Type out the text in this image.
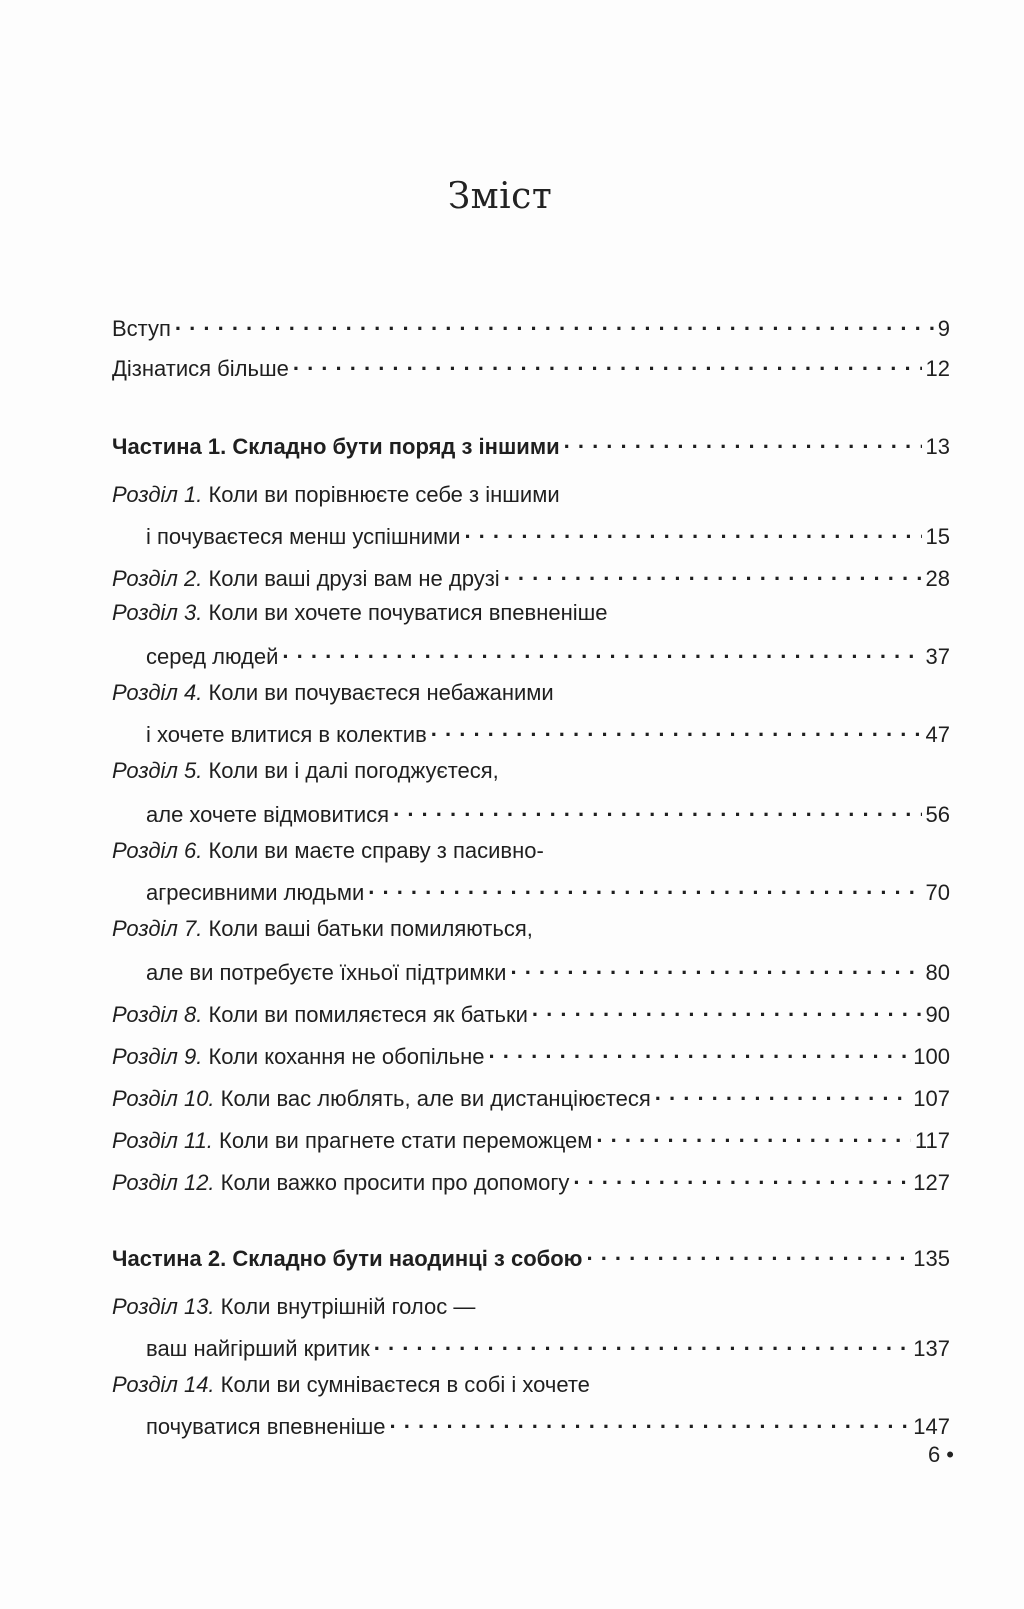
Зміст
Вступ . . .	9
Дізнатися більше . . .	12
Частина 1. Складно бути поряд з іншими . . .	13
Розділ 1. Коли ви порівнюєте себе з іншими
і почуваєтеся менш успішними . . .	15
Розділ 2. Коли ваші друзі вам не друзі . . .	28
Розділ 3. Коли ви хочете почуватися впевненіше
серед людей . . .	37
Розділ 4. Коли ви почуваєтеся небажаними
і хочете влитися в колектив . . .	47
Розділ 5. Коли ви і далі погоджуєтеся,
але хочете відмовитися . . .	56
Розділ 6. Коли ви маєте справу з пасивно-
агресивними людьми . . .	70
Розділ 7. Коли ваші батьки помиляються,
але ви потребуєте їхньої підтримки . . .	80
Розділ 8. Коли ви помиляєтеся як батьки . . .	90
Розділ 9. Коли кохання не обопільне . . .	100
Розділ 10. Коли вас люблять, але ви дистанціюєтеся . . .	107
Розділ 11. Коли ви прагнете стати переможцем . . .	117
Розділ 12. Коли важко просити про допомогу . . .	127
Частина 2. Складно бути наодинці з собою . . .	135
Розділ 13. Коли внутрішній голос —
ваш найгірший критик . . .	137
Розділ 14. Коли ви сумніваєтеся в собі і хочете
почуватися впевненіше . . .	147
6 •
